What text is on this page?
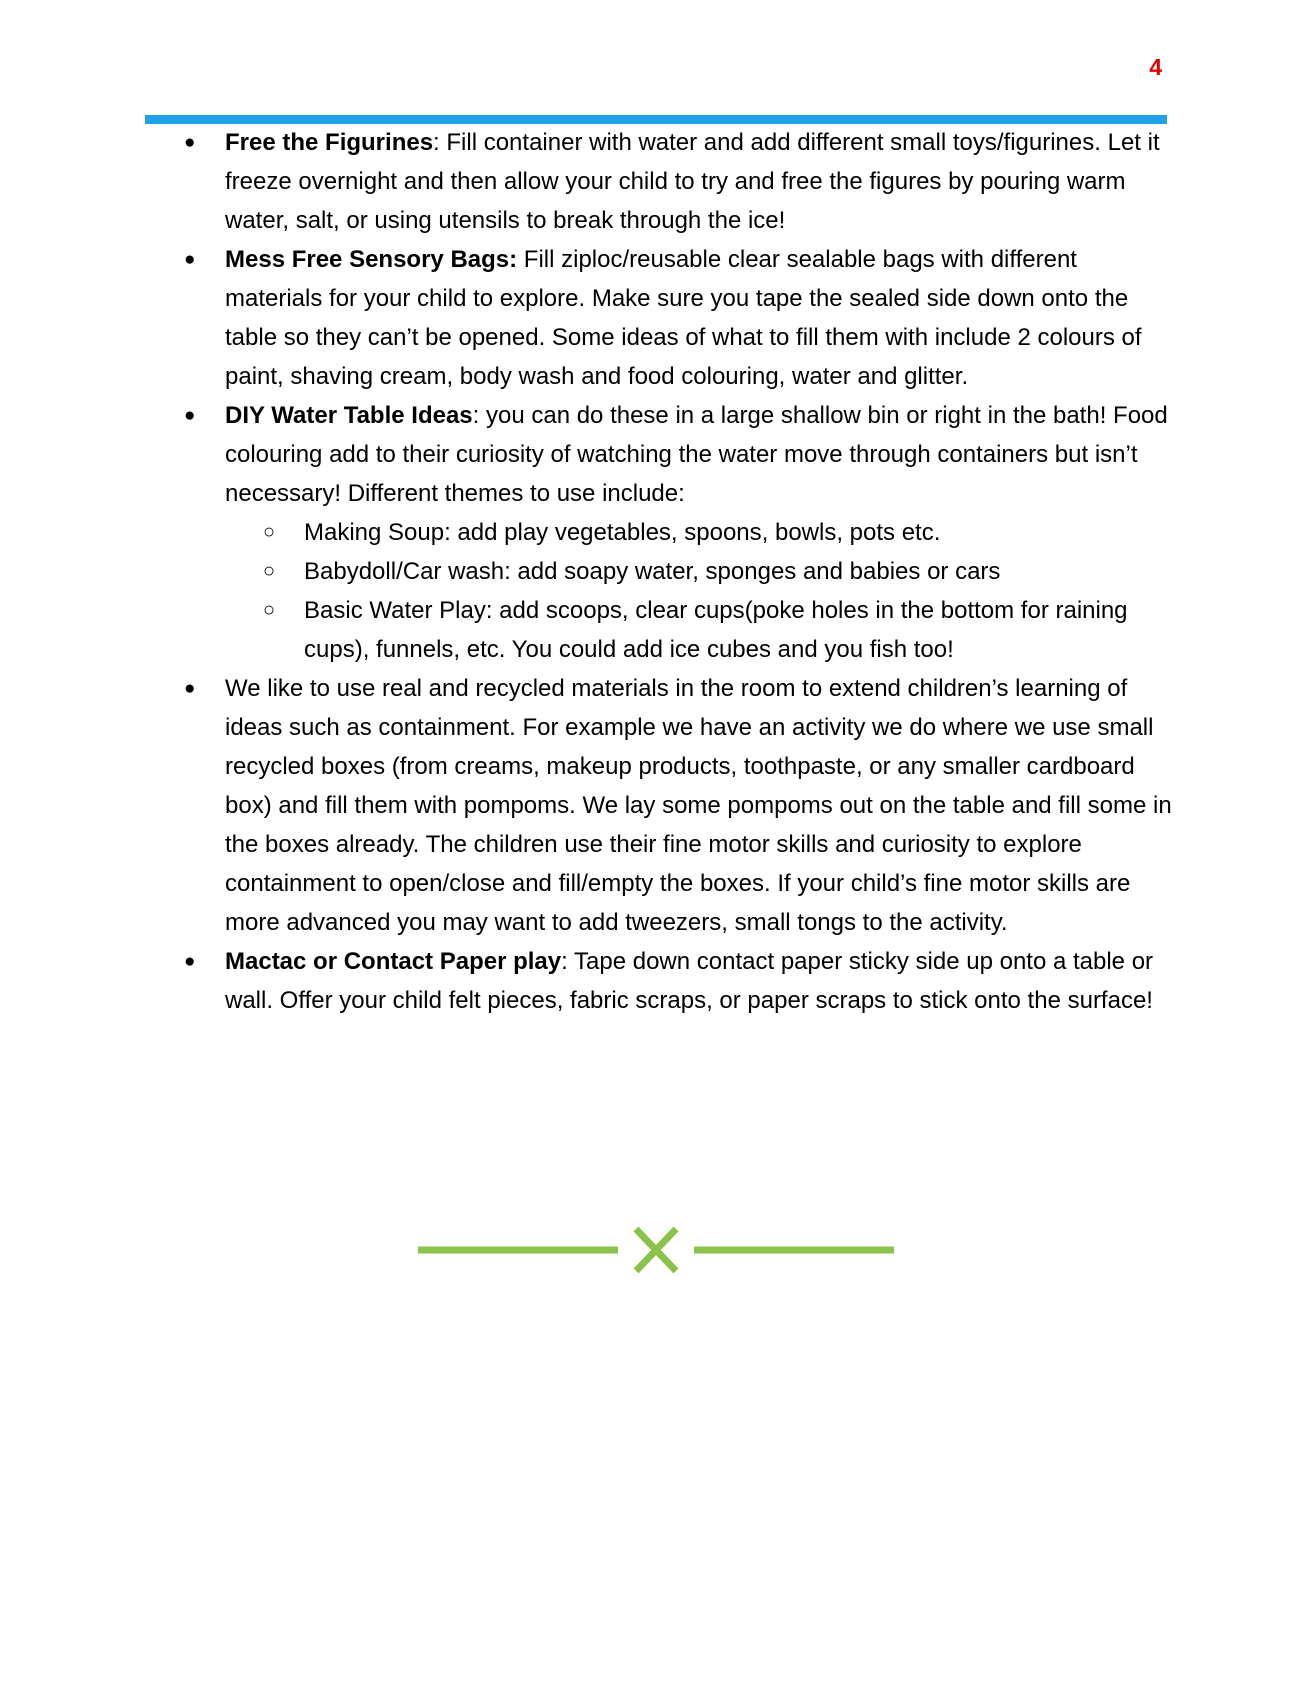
4
● Free the Figurines: Fill container with water and add different small toys/figurines. Let it freeze overnight and then allow your child to try and free the figures by pouring warm water, salt, or using utensils to break through the ice!
● Mess Free Sensory Bags: Fill ziploc/reusable clear sealable bags with different materials for your child to explore. Make sure you tape the sealed side down onto the table so they can’t be opened. Some ideas of what to fill them with include 2 colours of paint, shaving cream, body wash and food colouring, water and glitter.
● DIY Water Table Ideas: you can do these in a large shallow bin or right in the bath! Food colouring add to their curiosity of watching the water move through containers but isn’t necessary! Different themes to use include:
○ Making Soup: add play vegetables, spoons, bowls, pots etc.
○ Babydoll/Car wash: add soapy water, sponges and babies or cars
○ Basic Water Play: add scoops, clear cups(poke holes in the bottom for raining cups), funnels, etc. You could add ice cubes and you fish too!
● We like to use real and recycled materials in the room to extend children’s learning of ideas such as containment. For example we have an activity we do where we use small recycled boxes (from creams, makeup products, toothpaste, or any smaller cardboard box) and fill them with pompoms. We lay some pompoms out on the table and fill some in the boxes already. The children use their fine motor skills and curiosity to explore containment to open/close and fill/empty the boxes. If your child’s fine motor skills are more advanced you may want to add tweezers, small tongs to the activity.
● Mactac or Contact Paper play: Tape down contact paper sticky side up onto a table or wall. Offer your child felt pieces, fabric scraps, or paper scraps to stick onto the surface!
